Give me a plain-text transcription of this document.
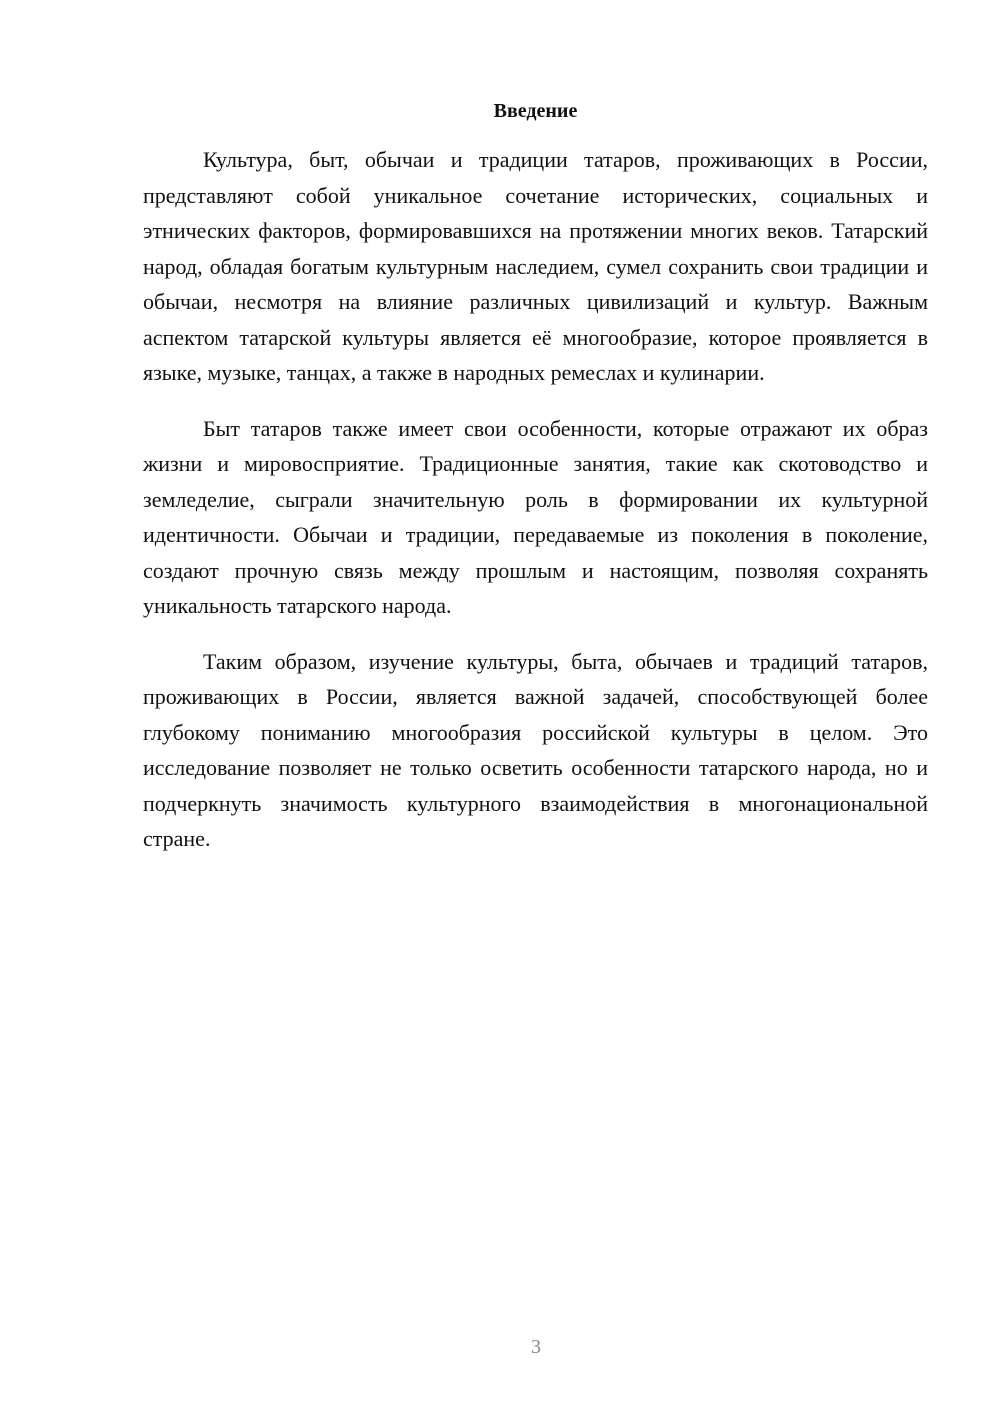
Введение

Культура, быт, обычаи и традиции татаров, проживающих в России, представляют собой уникальное сочетание исторических, социальных и этнических факторов, формировавшихся на протяжении многих веков. Татарский народ, обладая богатым культурным наследием, сумел сохранить свои традиции и обычаи, несмотря на влияние различных цивилизаций и культур. Важным аспектом татарской культуры является её многообразие, которое проявляется в языке, музыке, танцах, а также в народных ремеслах и кулинарии.

Быт татаров также имеет свои особенности, которые отражают их образ жизни и мировосприятие. Традиционные занятия, такие как скотоводство и земледелие, сыграли значительную роль в формировании их культурной идентичности. Обычаи и традиции, передаваемые из поколения в поколение, создают прочную связь между прошлым и настоящим, позволяя сохранять уникальность татарского народа.

Таким образом, изучение культуры, быта, обычаев и традиций татаров, проживающих в России, является важной задачей, способствующей более глубокому пониманию многообразия российской культуры в целом. Это исследование позволяет не только осветить особенности татарского народа, но и подчеркнуть значимость культурного взаимодействия в многонациональной стране.

3
